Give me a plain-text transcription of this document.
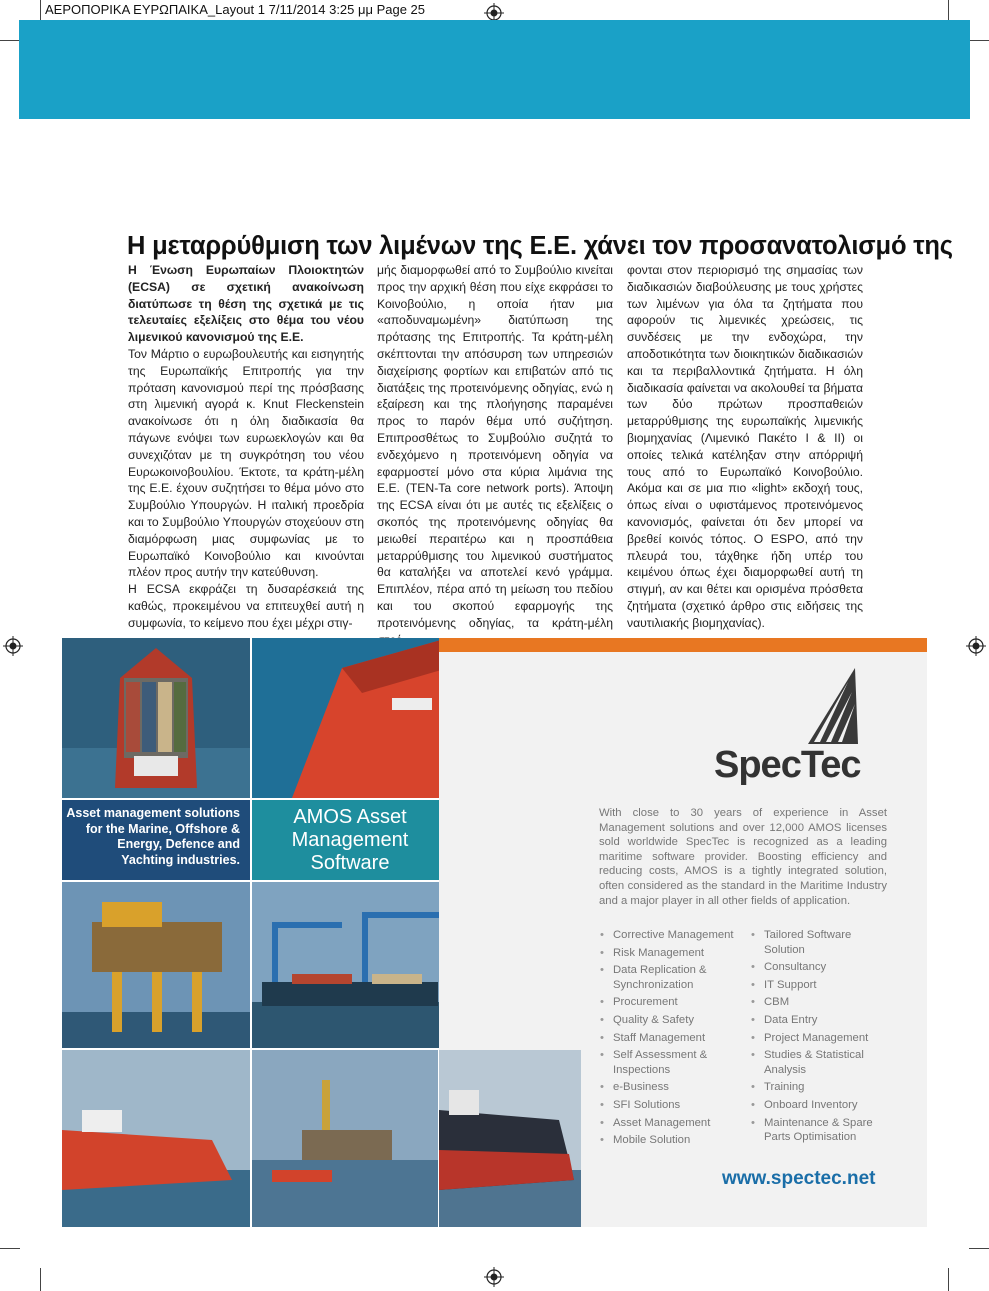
ΑΕΡΟΠΟΡΙΚΑ ΕΥΡΩΠΑΙΚΑ_Layout 1 7/11/2014 3:25 μμ Page 25
Η μεταρρύθμιση των λιμένων της Ε.Ε. χάνει τον προσανατολισμό της

Η Ένωση Ευρωπαίων Πλοιοκτητών (ECSA) σε σχετική ανακοίνωση διατύπωσε τη θέση της σχετικά με τις τελευταίες εξελίξεις στο θέμα του νέου λιμενικού κανονισμού της Ε.Ε.

Τον Μάρτιο ο ευρωβουλευτής και εισηγητής της Ευρωπαϊκής Επιτροπής για την πρόταση κανονισμού περί της πρόσβασης στη λιμενική αγορά κ. Knut Fleckenstein ανακοίνωσε ότι η όλη διαδικασία θα πάγωνε ενόψει των ευρωεκλογών και θα συνεχιζόταν με τη συγκρότηση του νέου Ευρωκοινοβουλίου. Έκτοτε, τα κράτη-μέλη της Ε.Ε. έχουν συζητήσει το θέμα μόνο στο Συμβούλιο Υπουργών. Η ιταλική προεδρία και το Συμβούλιο Υπουργών στοχεύουν στη διαμόρφωση μιας συμφωνίας με το Ευρωπαϊκό Κοινοβούλιο και κινούνται πλέον προς αυτήν την κατεύθυνση.

Η ECSA εκφράζει τη δυσαρέσκειά της καθώς, προκειμένου να επιτευχθεί αυτή η συμφωνία, το κείμενο που έχει μέχρι στιγ-

μής διαμορφωθεί από το Συμβούλιο κινείται προς την αρχική θέση που είχε εκφράσει το Κοινοβούλιο, η οποία ήταν μια «αποδυναμωμένη» διατύπωση της πρότασης της Επιτροπής. Τα κράτη-μέλη σκέπτονται την απόσυρση των υπηρεσιών διαχείρισης φορτίων και επιβατών από τις διατάξεις της προτεινόμενης οδηγίας, ενώ η εξαίρεση και της πλοήγησης παραμένει προς το παρόν θέμα υπό συζήτηση. Επιπροσθέτως το Συμβούλιο συζητά το ενδεχόμενο η προτεινόμενη οδηγία να εφαρμοστεί μόνο στα κύρια λιμάνια της Ε.Ε. (TEN-Ta core network ports). Άποψη της ECSA είναι ότι με αυτές τις εξελίξεις ο σκοπός της προτεινόμενης οδηγίας θα μειωθεί περαιτέρω και η προσπάθεια μεταρρύθμισης του λιμενικού συστήματος θα καταλήξει να αποτελεί κενό γράμμα. Επιπλέον, πέρα από τη μείωση του πεδίου και του σκοπού εφαρμογής της προτεινόμενης οδηγίας, τα κράτη-μέλη

φονται στον περιορισμό της σημασίας των διαδικασιών διαβούλευσης με τους χρήστες των λιμένων για όλα τα ζητήματα που αφορούν τις λιμενικές χρεώσεις, τις συνδέσεις με την ενδοχώρα, την αποδοτικότητα των διοικητικών διαδικασιών και τα περιβαλλοντικά ζητήματα. Η όλη διαδικασία φαίνεται να ακολουθεί τα βήματα των δύο πρώτων προσπαθειών μεταρρύθμισης της ευρωπαϊκής λιμενικής βιομηχανίας (Λιμενικό Πακέτο I & II) οι οποίες τελικά κατέληξαν στην απόρριψή τους από το Ευρωπαϊκό Κοινοβούλιο. Ακόμα και σε μια πιο «light» εκδοχή τους, όπως είναι ο υφιστάμενος προτεινόμενος κανονισμός, φαίνεται ότι δεν μπορεί να βρεθεί κοινός τόπος. Ο ESPO, από την πλευρά του, τάχθηκε ήδη υπέρ του κειμένου όπως έχει διαμορφωθεί αυτή τη στιγμή, αν και θέτει και ορισμένα πρόσθετα ζητήματα (σχετικό άρθρο στις ειδήσεις της ναυτιλιακής βιομηχανίας).

Asset management solutions for the Marine, Offshore & Energy, Defence and Yachting industries.
AMOS Asset
Management
Software
SpecTec
With close to 30 years of experience in Asset Management solutions and over 12,000 AMOS licenses sold worldwide SpecTec is recognized as a leading maritime software provider. Boosting efficiency and reducing costs, AMOS is a tightly integrated solution, often considered as the standard in the Maritime Industry and a major player in all other fields of application.
• Corrective Management
• Risk Management
• Data Replication & Synchronization
• Procurement
• Quality & Safety
• Staff Management
• Self Assessment & Inspections
• e-Business
• SFI Solutions
• Asset Management
• Mobile Solution
• Tailored Software Solution
• Consultancy
• IT Support
• CBM
• Data Entry
• Project Management
• Studies & Statistical Analysis
• Training
• Onboard Inventory
• Maintenance & Spare Parts Optimisation
www.spectec.net
